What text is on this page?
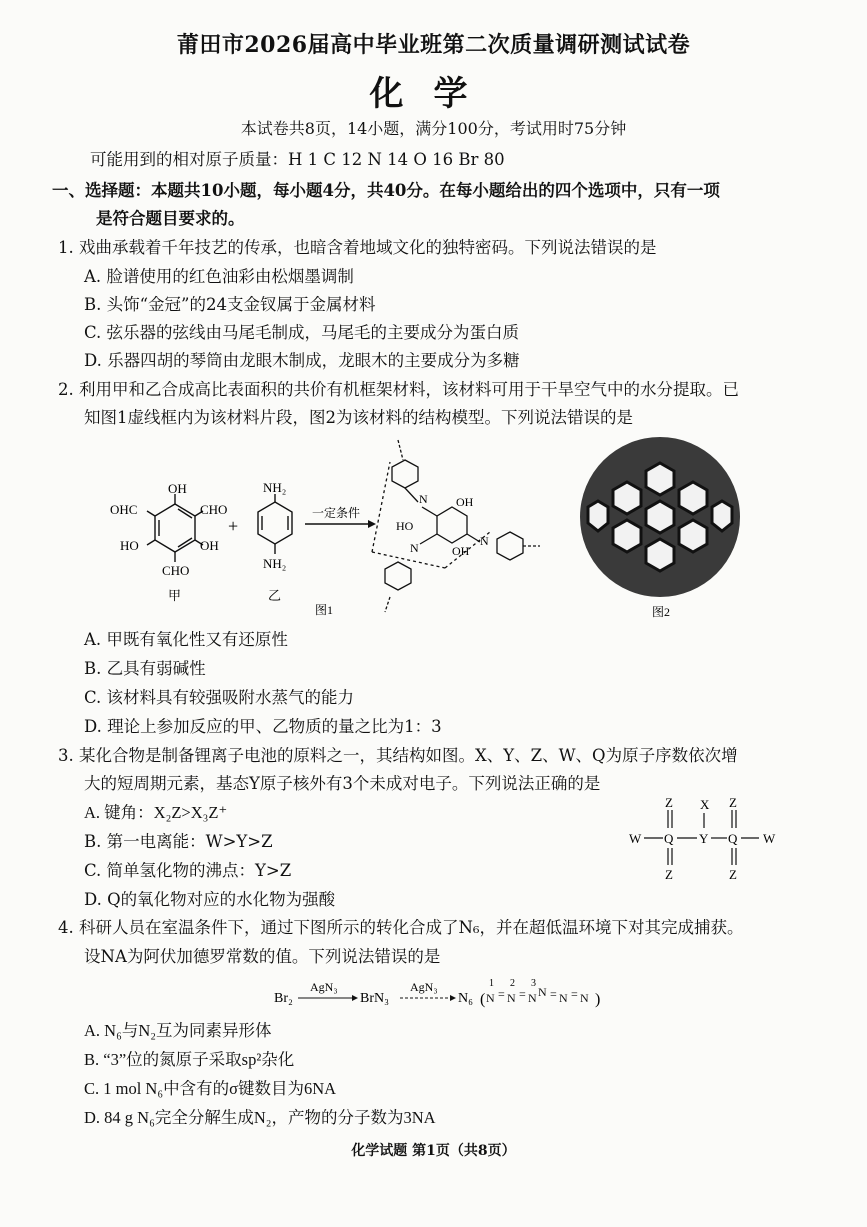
莆田市2026届高中毕业班第二次质量调研测试试卷
化学
本试卷共8页，14小题，满分100分，考试用时75分钟
可能用到的相对原子质量：H 1 C 12 N 14 O 16 Br 80
一、选择题：本题共10小题，每小题4分，共40分。在每小题给出的四个选项中，只有一项
是符合题目要求的。
1. 戏曲承载着千年技艺的传承，也暗含着地域文化的独特密码。下列说法错误的是
A. 脸谱使用的红色油彩由松烟墨调制
B. 头饰“金冠”的24支金钗属于金属材料
C. 弦乐器的弦线由马尾毛制成，马尾毛的主要成分为蛋白质
D. 乐器四胡的琴筒由龙眼木制成，龙眼木的主要成分为多糖
2. 利用甲和乙合成高比表面积的共价有机框架材料，该材料可用于干旱空气中的水分提取。已
知图1虚线框内为该材料片段，图2为该材料的结构模型。下列说法错误的是
OH
OHC	CHO
HO	OH
CHO
甲
+
NH₂
NH₂
乙
一定条件
N OH
HO
N	OH
N
图1	图2
A. 甲既有氧化性又有还原性
B. 乙具有弱碱性
C. 该材料具有较强吸附水蒸气的能力
D. 理论上参加反应的甲、乙物质的量之比为1：3
3. 某化合物是制备锂离子电池的原料之一，其结构如图。X、Y、Z、W、Q为原子序数依次增
大的短周期元素，基态Y原子核外有3个未成对电子。下列说法正确的是
A. 键角：X₂Z>X₃Z⁺
B. 第一电离能：W>Y>Z
C. 简单氢化物的沸点：Y>Z
D. Q的氧化物对应的水化物为强酸
W Q Y Q W
Z X Z
Z	Z
4. 科研人员在室温条件下，通过下图所示的转化合成了N₆，并在超低温环境下对其完成捕获。
设NA为阿伏加德罗常数的值。下列说法错误的是
Br₂
AgN₃
BrN₃
AgN₃
N₆ ( N = N = N N = N = N )
1 2 3
A. N₆与N₂互为同素异形体
B. “3”位的氮原子采取sp²杂化
C. 1 mol N₆中含有的σ键数目为6NA
D. 84 g N₆完全分解生成N₂，产物的分子数为3NA
化学试题 第1页（共8页）
